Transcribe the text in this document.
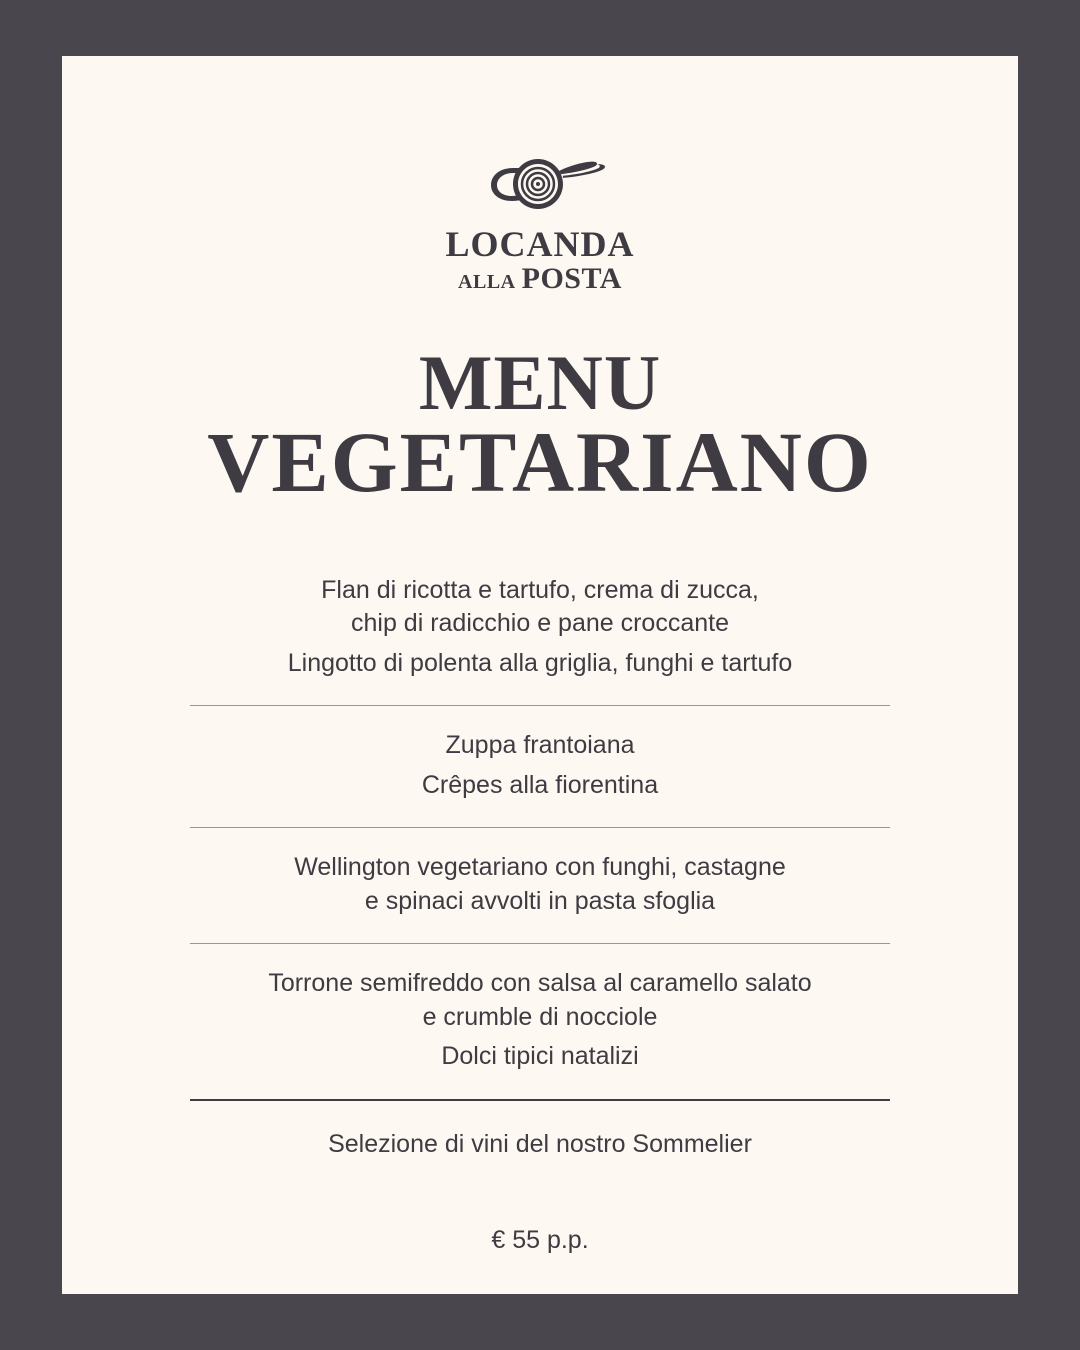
LOCANDA
ALLA POSTA
MENU
VEGETARIANO
Flan di ricotta e tartufo, crema di zucca,
chip di radicchio e pane croccante
Lingotto di polenta alla griglia, funghi e tartufo
Zuppa frantoiana
Crêpes alla fiorentina
Wellington vegetariano con funghi, castagne
e spinaci avvolti in pasta sfoglia
Torrone semifreddo con salsa al caramello salato
e crumble di nocciole
Dolci tipici natalizi
Selezione di vini del nostro Sommelier
€ 55 p.p.
